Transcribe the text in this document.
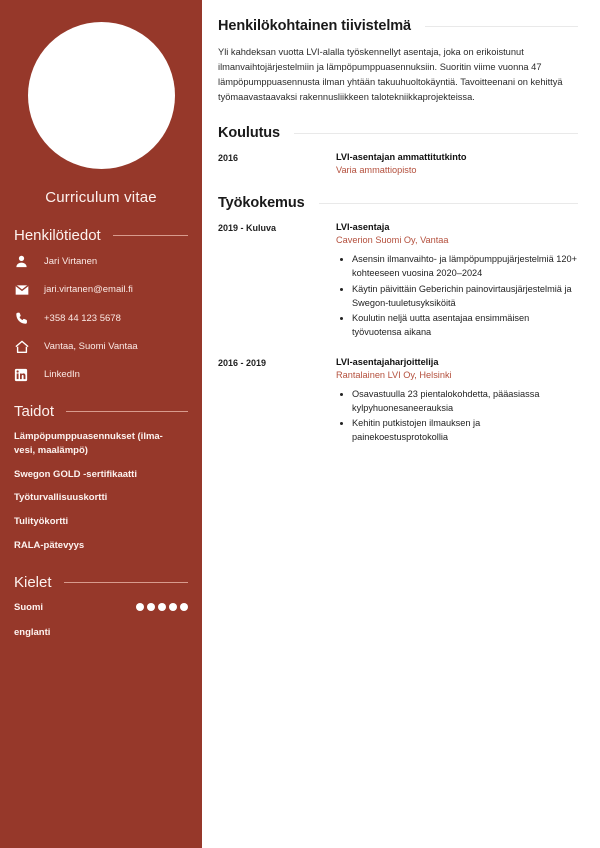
Curriculum vitae
Henkilötiedot
Jari Virtanen
jari.virtanen@email.fi
+358 44 123 5678
Vantaa, Suomi Vantaa
LinkedIn
Taidot
Lämpöpumppuasennukset (ilma-vesi, maalämpö)
Swegon GOLD -sertifikaatti
Työturvallisuuskortti
Tulityökortti
RALA-pätevyys
Kielet
Suomi
englanti
Henkilökohtainen tiivistelmä

Yli kahdeksan vuotta LVI-alalla työskennellyt asentaja, joka on erikoistunut ilmanvaihtojärjestelmiin ja lämpöpumppuasennuksiin. Suoritin viime vuonna 47 lämpöpumppuasennusta ilman yhtään takuuhuoltokäyntiä. Tavoitteenani on kehittyä työmaavastaavaksi rakennusliikkeen talotekniikkaprojekteissa.

Koulutus
2016	LVI-asentajan ammattitutkinto
Varia ammattiopisto
Työkokemus
2019 - Kuluva	LVI-asentaja
Caverion Suomi Oy, Vantaa
• Asensin ilmanvaihto- ja lämpöpumppujärjestelmiä 120+ kohteeseen vuosina 2020–2024
• Käytin päivittäin Geberichin painovirtausjärjestelmiä ja Swegon-tuuletusyksiköitä
• Koulutin neljä uutta asentajaa ensimmäisen työvuotensa aikana
2016 - 2019	LVI-asentajaharjoittelija
Rantalainen LVI Oy, Helsinki
• Osavastuulla 23 pientalokohdetta, pääasiassa kylpyhuonesaneerauksia
• Kehitin putkistojen ilmauksen ja painekoestusprotokollia
